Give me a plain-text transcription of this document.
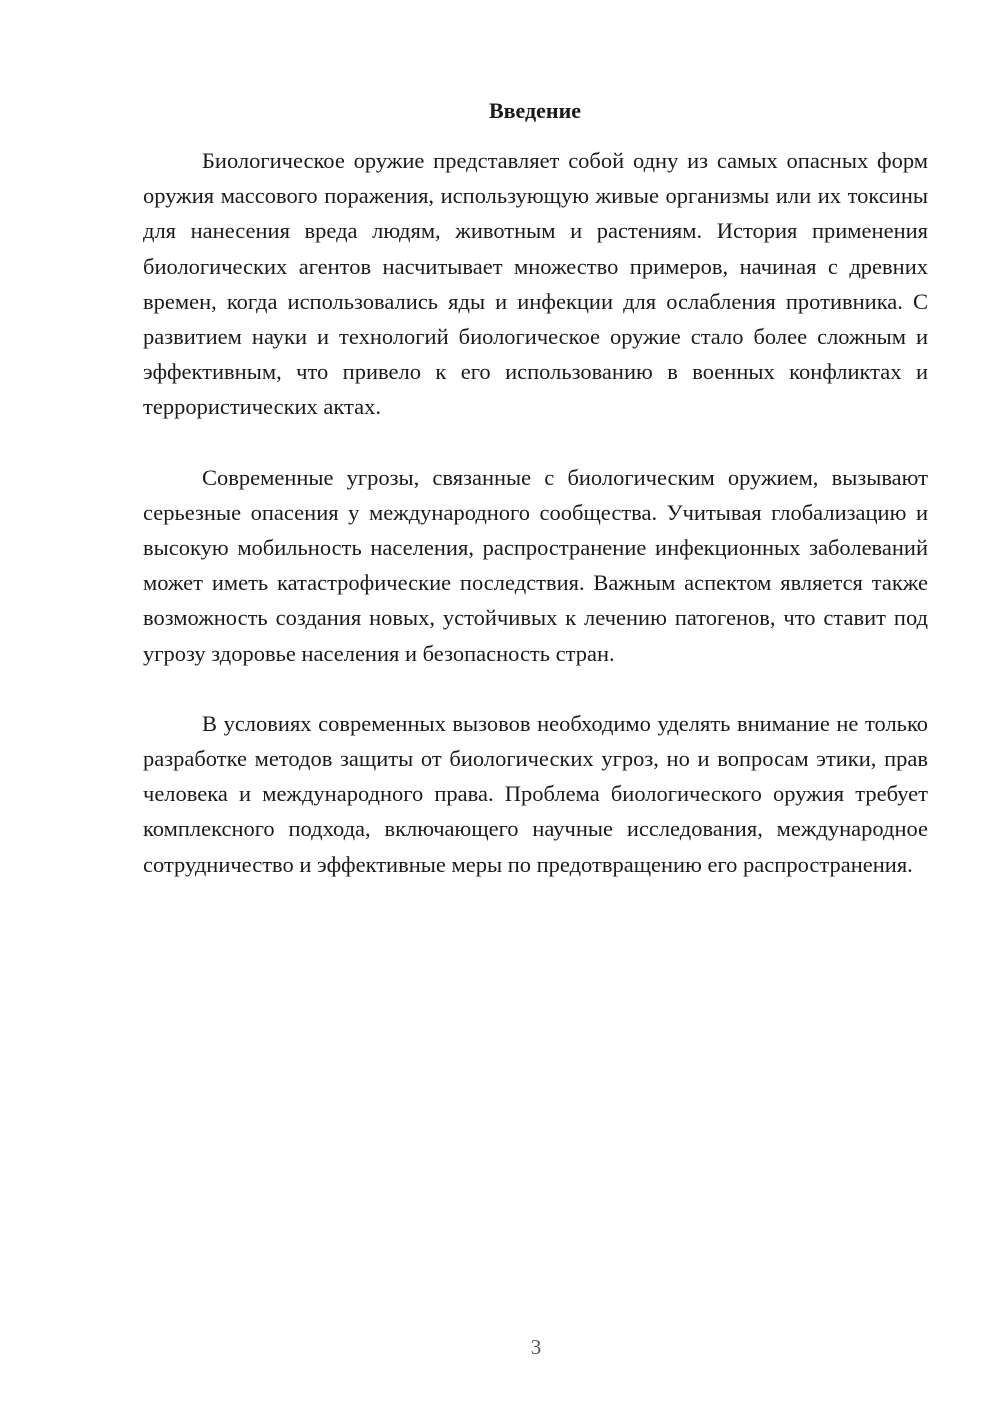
Введение

Биологическое оружие представляет собой одну из самых опасных форм оружия массового поражения, использующую живые организмы или их токсины для нанесения вреда людям, животным и растениям. История применения биологических агентов насчитывает множество примеров, начиная с древних времен, когда использовались яды и инфекции для ослабления противника. С развитием науки и технологий биологическое оружие стало более сложным и эффективным, что привело к его использованию в военных конфликтах и террористических актах.

Современные угрозы, связанные с биологическим оружием, вызывают серьезные опасения у международного сообщества. Учитывая глобализацию и высокую мобильность населения, распространение инфекционных заболеваний может иметь катастрофические последствия. Важным аспектом является также возможность создания новых, устойчивых к лечению патогенов, что ставит под угрозу здоровье населения и безопасность стран.

В условиях современных вызовов необходимо уделять внимание не только разработке методов защиты от биологических угроз, но и вопросам этики, прав человека и международного права. Проблема биологического оружия требует комплексного подхода, включающего научные исследования, международное сотрудничество и эффективные меры по предотвращению его распространения.

3
